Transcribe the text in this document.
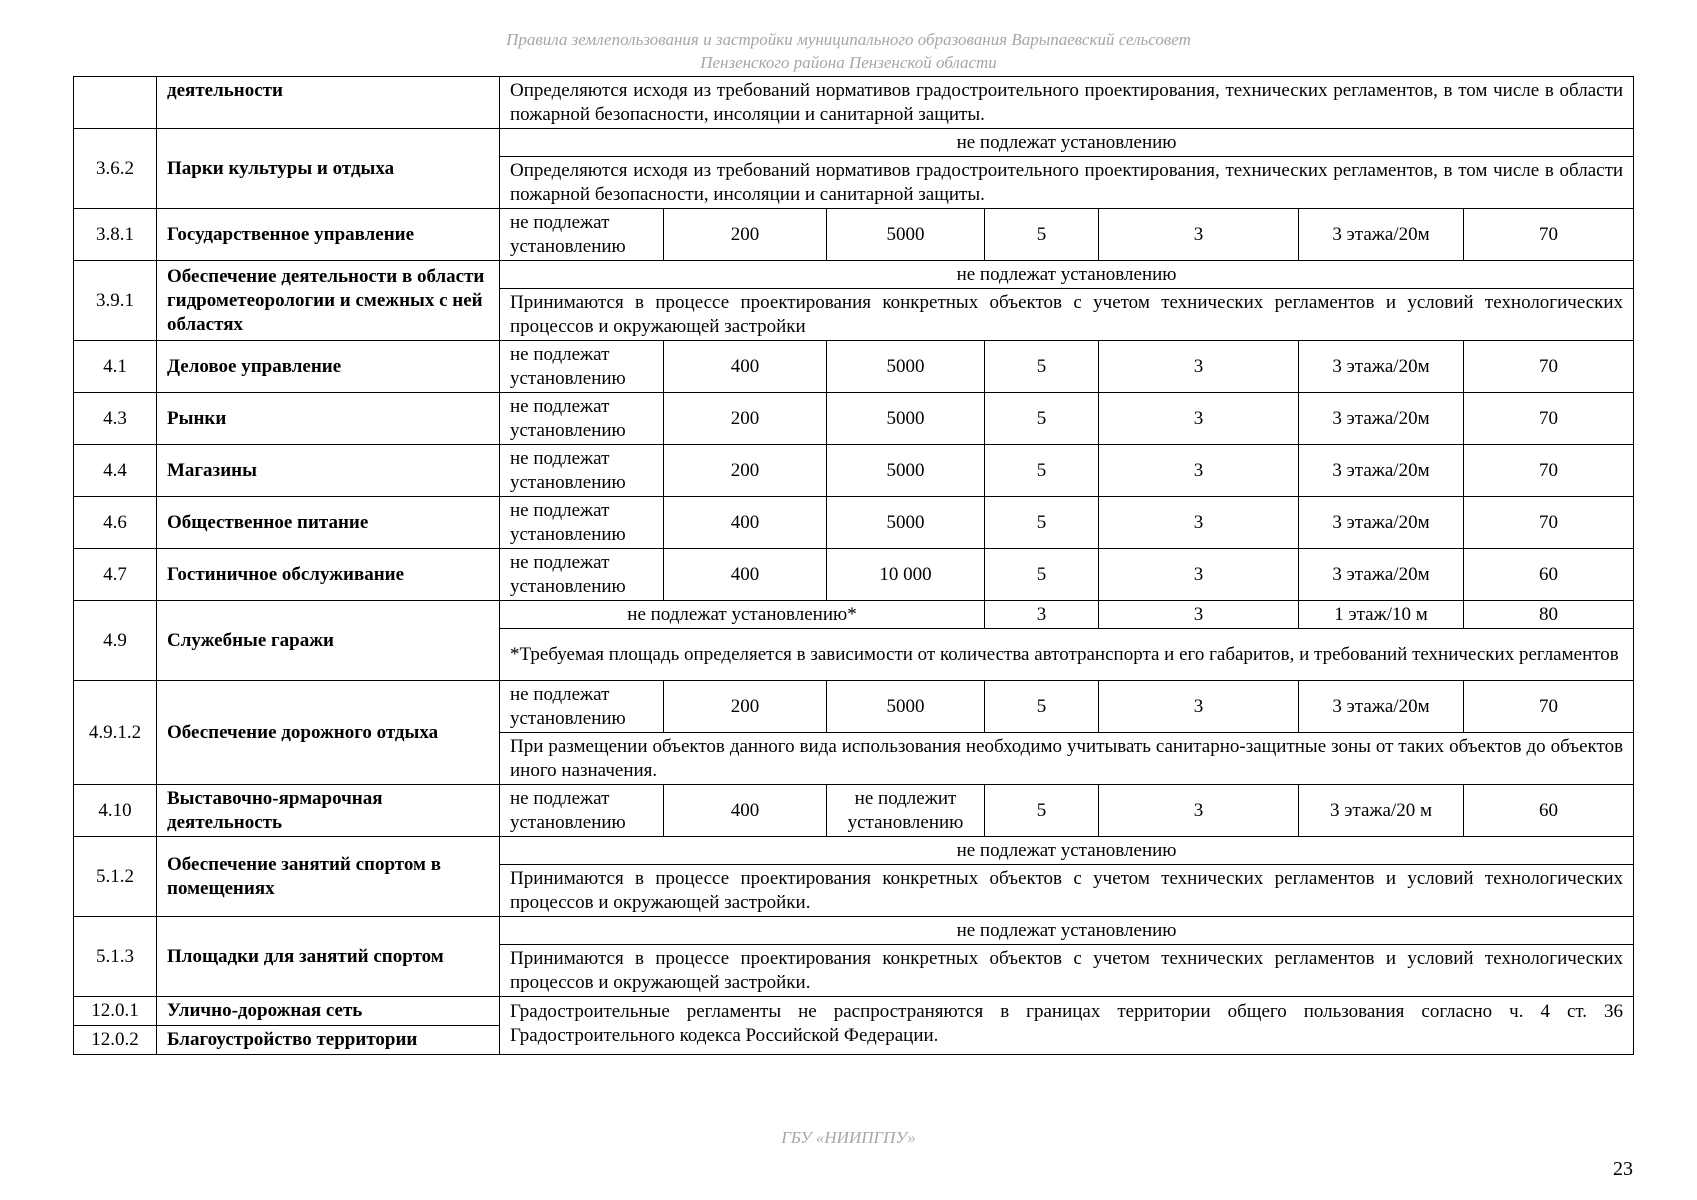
Правила землепользования и застройки муниципального образования Варыпаевский сельсовет
Пензенского района Пензенской области
	деятельности	Определяются исходя из требований нормативов градостроительного проектирования, технических регламентов, в том числе в области пожарной безопасности, инсоляции и санитарной защиты.						
3.6.2	Парки культуры и отдыха	не подлежат установлению						
		Определяются исходя из требований нормативов градостроительного проектирования, технических регламентов, в том числе в области пожарной безопасности, инсоляции и санитарной защиты.						
3.8.1	Государственное управление	не подлежат установлению	200	5000	5	3	3 этажа/20м	70
3.9.1	Обеспечение деятельности в области гидрометеорологии и смежных с ней областях	не подлежат установлению						
		Принимаются в процессе проектирования конкретных объектов с учетом технических регламентов и условий технологических процессов и окружающей застройки						
4.1	Деловое управление	не подлежат установлению	400	5000	5	3	3 этажа/20м	70
4.3	Рынки	не подлежат установлению	200	5000	5	3	3 этажа/20м	70
4.4	Магазины	не подлежат установлению	200	5000	5	3	3 этажа/20м	70
4.6	Общественное питание	не подлежат установлению	400	5000	5	3	3 этажа/20м	70
4.7	Гостиничное обслуживание	не подлежат установлению	400	10 000	5	3	3 этажа/20м	60
4.9	Служебные гаражи	не подлежат установлению*			3	3	1 этаж/10 м	80
		*Требуемая площадь определяется в зависимости от количества автотранспорта и его габаритов, и требований технических регламентов						
4.9.1.2	Обеспечение дорожного отдыха	не подлежат установлению	200	5000	5	3	3 этажа/20м	70
		При размещении объектов данного вида использования необходимо учитывать санитарно-защитные зоны от таких объектов до объектов иного назначения.						
4.10	Выставочно-ярмарочная деятельность	не подлежат установлению	400	не подлежит установлению	5	3	3 этажа/20 м	60
5.1.2	Обеспечение занятий спортом в помещениях	не подлежат установлению						
		Принимаются в процессе проектирования конкретных объектов с учетом технических регламентов и условий технологических процессов и окружающей застройки.						
5.1.3	Площадки для занятий спортом	не подлежат установлению						
		Принимаются в процессе проектирования конкретных объектов с учетом технических регламентов и условий технологических процессов и окружающей застройки.						
12.0.1	Улично-дорожная сеть	Градостроительные регламенты не распространяются в границах территории общего пользования согласно ч. 4 ст. 36 Градостроительного кодекса Российской Федерации.						
12.0.2	Благоустройство территории							
ГБУ «НИИПГПУ»
23
